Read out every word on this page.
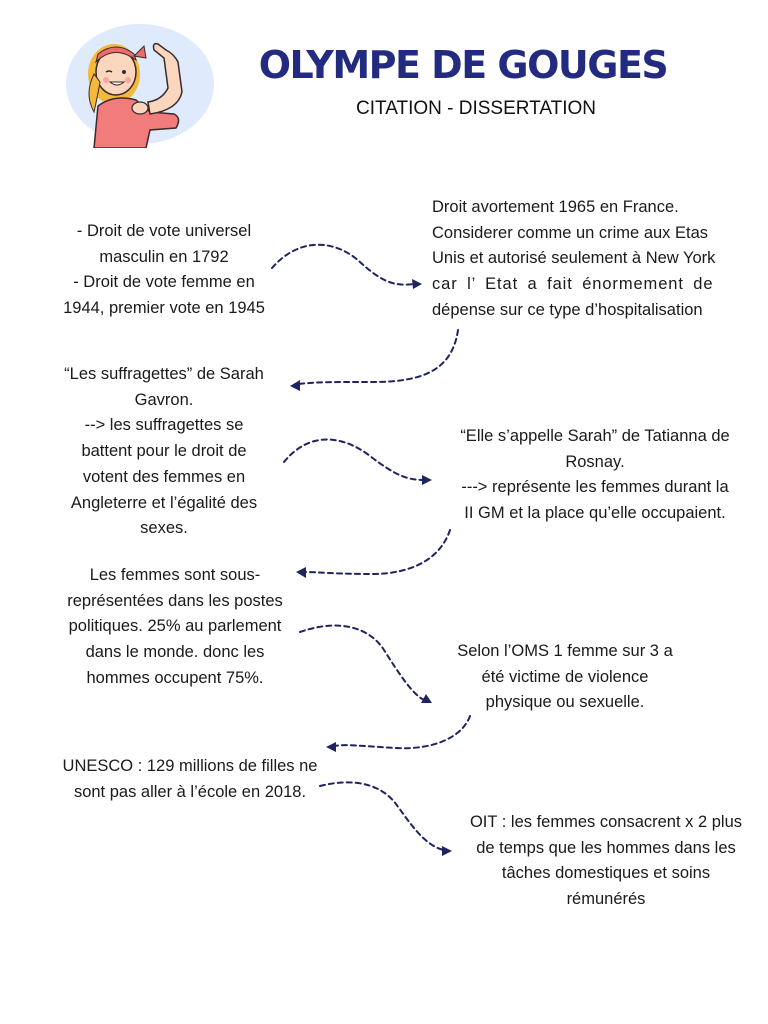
OLYMPE DE GOUGES
CITATION - DISSERTATION
- Droit de vote universel
masculin en 1792
- Droit de vote femme en
1944, premier vote en 1945
Droit avortement 1965 en France.
Considerer comme un crime aux Etas
Unis et autorisé seulement à New York
car l’ Etat a fait énormement de
dépense sur ce type d’hospitalisation
“Les suffragettes” de Sarah
Gavron.
--> les suffragettes se
battent pour le droit de
votent des femmes en
Angleterre et l’égalité des
sexes.
“Elle s’appelle Sarah” de Tatianna de
Rosnay.
---> représente les femmes durant la
II GM et la place qu’elle occupaient.
Les femmes sont sous-
représentées dans les postes
politiques. 25% au parlement
dans le monde. donc les
hommes occupent 75%.
Selon l’OMS 1 femme sur 3 a
été victime de violence
physique ou sexuelle.
UNESCO : 129 millions de filles ne
sont pas aller à l’école en 2018.
OIT : les femmes consacrent x 2 plus
de temps que les hommes dans les
tâches domestiques et soins
rémunérés
